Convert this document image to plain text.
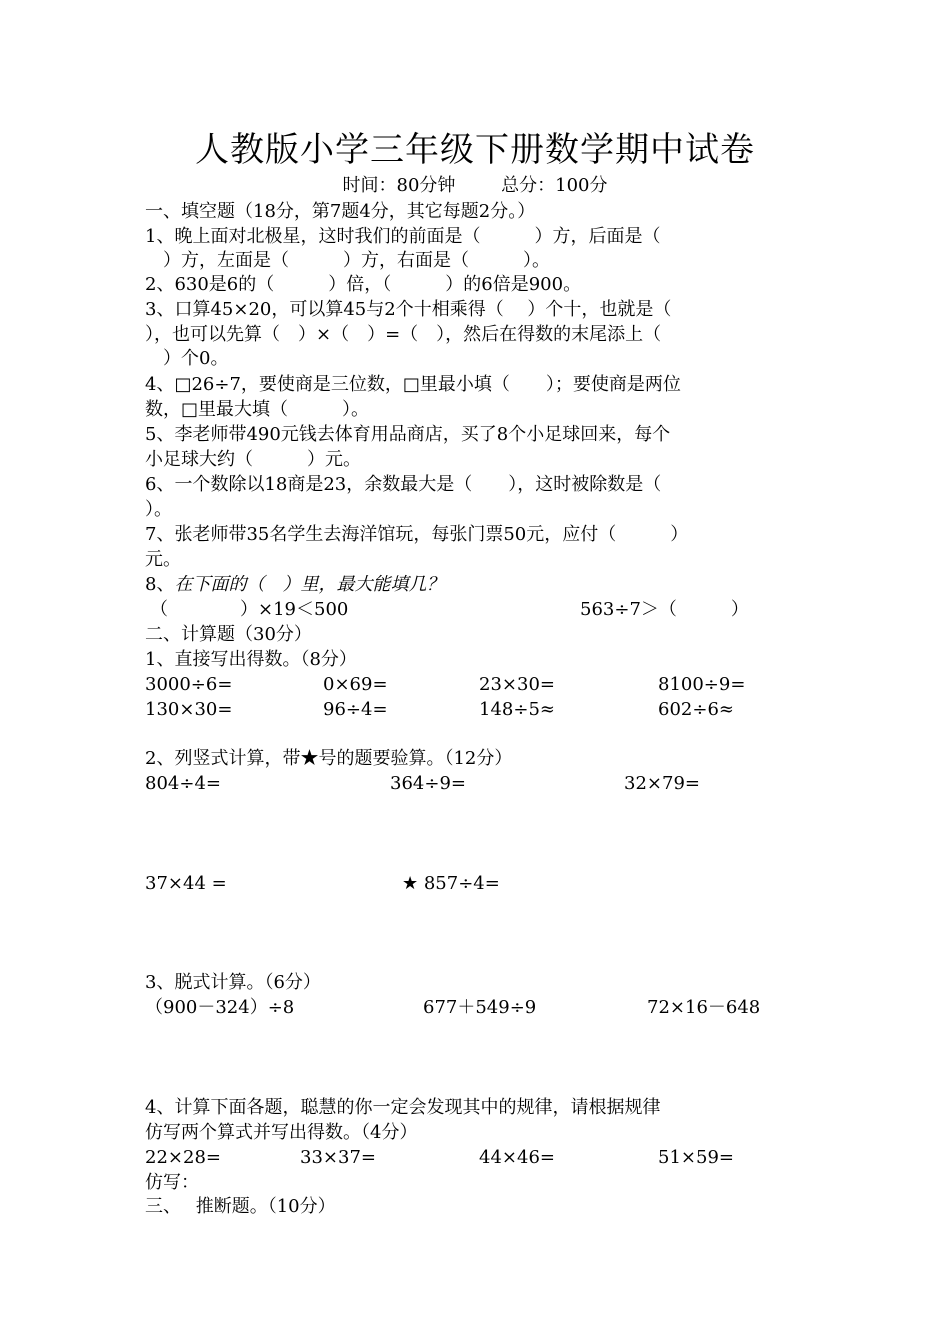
人教版小学三年级下册数学期中试卷
时间：80分钟	总分：100分
一、填空题（18分，第7题4分，其它每题2分。）
1、晚上面对北极星，这时我们的前面是（　　　）方，后面是（
　）方，左面是（　　　）方，右面是（　　　）。
2、630是6的（　　　）倍，（　　　）的6倍是900。
3、口算45×20，可以算45与2个十相乘得（　 ）个十，也就是（
），也可以先算（　）×（　）=（　），然后在得数的末尾添上（
　）个0。
4、□26÷7，要使商是三位数，□里最小填（　　）；要使商是两位
数，□里最大填（　　　）。
5、李老师带490元钱去体育用品商店，买了8个小足球回来，每个
小足球大约（　　　）元。
6、一个数除以18商是23，余数最大是（　　），这时被除数是（
）。
7、张老师带35名学生去海洋馆玩，每张门票50元，应付（　　　）
元。
8、在下面的（　）里，最大能填几？
（　　　　）×19＜500	563÷7＞（　　　）
二、计算题（30分）
1、直接写出得数。（8分）
3000÷6=	0×69=	23×30=	8100÷9=
130×30=	96÷4=	148÷5≈	602÷6≈
2、列竖式计算，带★号的题要验算。（12分）
804÷4=	364÷9=	32×79=
37×44 =	★ 857÷4=
3、脱式计算。（6分）
（900－324）÷8	677＋549÷9	72×16－648
4、计算下面各题，聪慧的你一定会发现其中的规律，请根据规律
仿写两个算式并写出得数。（4分）
22×28=	33×37=	44×46=	51×59=
仿写：
三、　 推断题。（10分）
